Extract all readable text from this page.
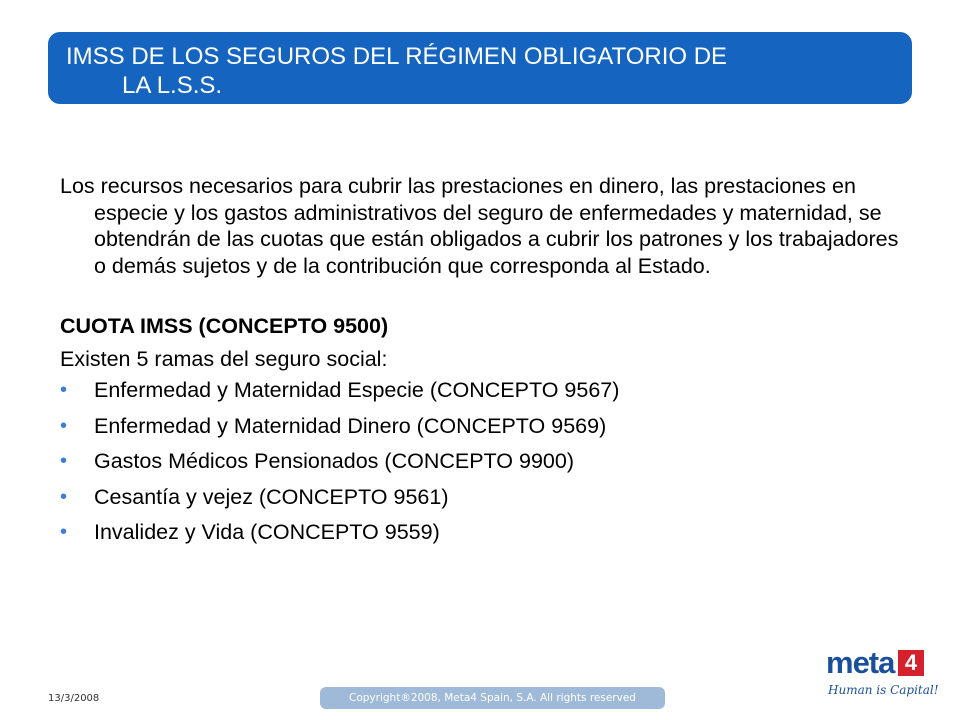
IMSS DE LOS SEGUROS DEL RÉGIMEN OBLIGATORIO DE
LA L.S.S.

Los recursos necesarios para cubrir las prestaciones en dinero, las prestaciones en especie y los gastos administrativos del seguro de enfermedades y maternidad, se obtendrán de las cuotas que están obligados a cubrir los patrones y los trabajadores o demás sujetos y de la contribución que corresponda al Estado.

CUOTA IMSS (CONCEPTO 9500)

Existen 5 ramas del seguro social:

• Enfermedad y Maternidad Especie (CONCEPTO 9567)
• Enfermedad y Maternidad Dinero (CONCEPTO 9569)
• Gastos Médicos Pensionados (CONCEPTO 9900)
• Cesantía y vejez (CONCEPTO 9561)
• Invalidez y Vida (CONCEPTO 9559)
13/3/2008	Copyright®2008, Meta4 Spain, S.A. All rights reserved
meta 4
Human is Capital!
